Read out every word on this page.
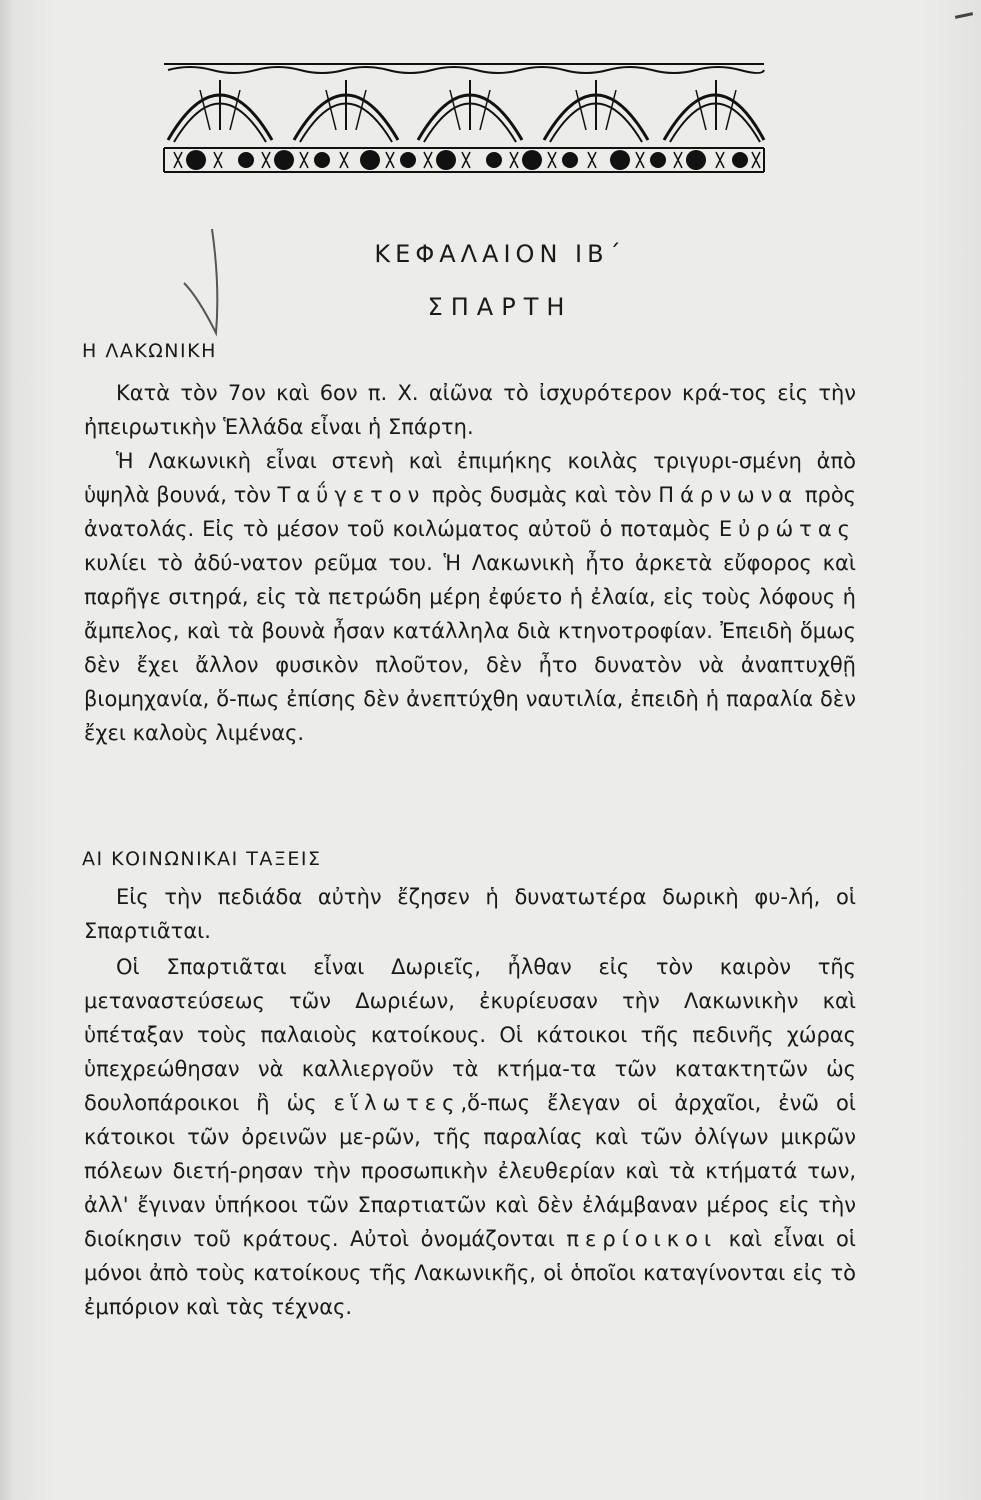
ΚΕΦΑΛΑΙΟΝ ΙΒ΄
ΣΠΑΡΤΗ
Η ΛΑΚΩΝΙΚΗ

Κατὰ τὸν 7ον καὶ 6ον π. Χ. αἰῶνα τὸ ἰσχυρότερον κρά-τος εἰς τὴν ἠπειρωτικὴν Ἑλλάδα εἶναι ἡ Σπάρτη.

Ἡ Λακωνικὴ εἶναι στενὴ καὶ ἐπιμήκης κοιλὰς τριγυρι-σμένη ἀπὸ ὑψηλὰ βουνά, τὸν Ταΰγετον πρὸς δυσμὰς καὶ τὸν Πάρνωνα πρὸς ἀνατολάς. Εἰς τὸ μέσον τοῦ κοιλώματος αὐτοῦ ὁ ποταμὸς Εὐρώτας κυλίει τὸ ἀδύ-νατον ρεῦμα του. Ἡ Λακωνικὴ ἦτο ἀρκετὰ εὔφορος καὶ παρῆγε σιτηρά, εἰς τὰ πετρώδη μέρη ἐφύετο ἡ ἐλαία, εἰς τοὺς λόφους ἡ ἄμπελος, καὶ τὰ βουνὰ ἦσαν κατάλληλα διὰ κτηνοτροφίαν. Ἐπειδὴ ὅμως δὲν ἔχει ἄλλον φυσικὸν πλοῦτον, δὲν ἦτο δυνατὸν νὰ ἀναπτυχθῇ βιομηχανία, ὅ-πως ἐπίσης δὲν ἀνεπτύχθη ναυτιλία, ἐπειδὴ ἡ παραλία δὲν ἔχει καλοὺς λιμένας.

ΑΙ ΚΟΙΝΩΝΙΚΑΙ ΤΑΞΕΙΣ

Εἰς τὴν πεδιάδα αὐτὴν ἔζησεν ἡ δυνατωτέρα δωρικὴ φυ-λή, οἱ Σπαρτιᾶται.

Οἱ Σπαρτιᾶται εἶναι Δωριεῖς, ἦλθαν εἰς τὸν καιρὸν τῆς μεταναστεύσεως τῶν Δωριέων, ἐκυρίευσαν τὴν Λακωνικὴν καὶ ὑπέταξαν τοὺς παλαιοὺς κατοίκους. Οἱ κάτοικοι τῆς πεδινῆς χώρας ὑπεχρεώθησαν νὰ καλλιεργοῦν τὰ κτήμα-τα τῶν κατακτητῶν ὡς δουλοπάροικοι ἢ ὡς εἵλωτες,ὅ-πως ἔλεγαν οἱ ἀρχαῖοι, ἐνῶ οἱ κάτοικοι τῶν ὀρεινῶν με-ρῶν, τῆς παραλίας καὶ τῶν ὀλίγων μικρῶν πόλεων διετή-ρησαν τὴν προσωπικὴν ἐλευθερίαν καὶ τὰ κτήματά των, ἀλλ' ἔγιναν ὑπήκοοι τῶν Σπαρτιατῶν καὶ δὲν ἐλάμβαναν μέρος εἰς τὴν διοίκησιν τοῦ κράτους. Αὐτοὶ ὀνομάζονται περίοικοι καὶ εἶναι οἱ μόνοι ἀπὸ τοὺς κατοίκους τῆς Λακωνικῆς, οἱ ὁποῖοι καταγίνονται εἰς τὸ ἐμπόριον καὶ τὰς τέχνας.
